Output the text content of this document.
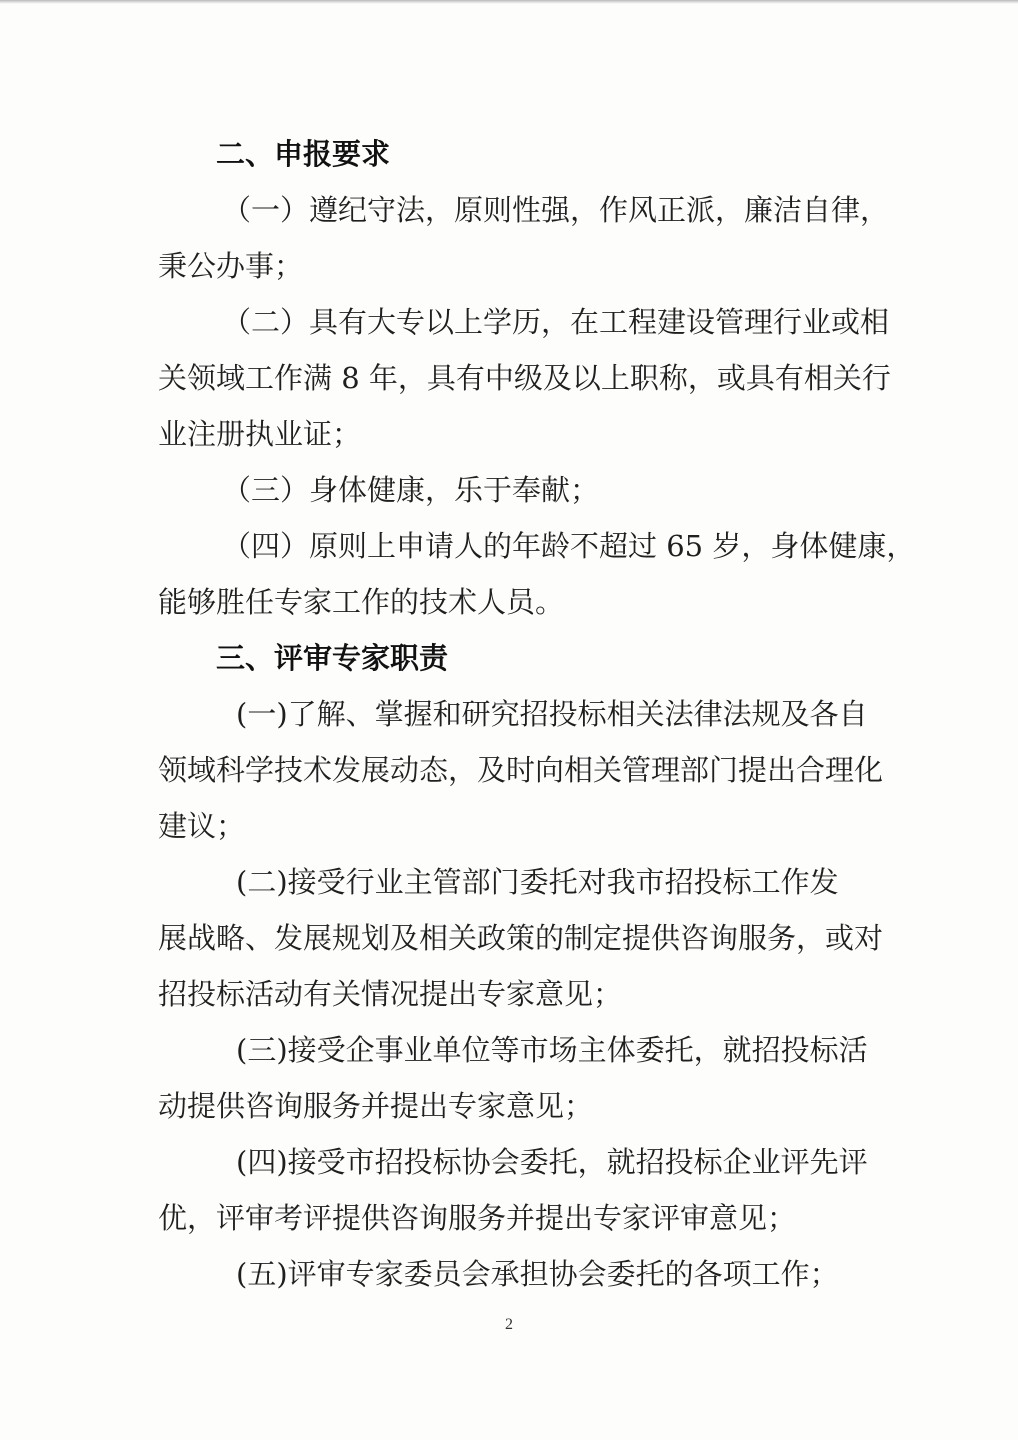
二、申报要求
（一）遵纪守法，原则性强，作风正派，廉洁自律，
秉公办事；
（二）具有大专以上学历，在工程建设管理行业或相
关领域工作满 8 年，具有中级及以上职称，或具有相关行
业注册执业证；
（三）身体健康，乐于奉献；
（四）原则上申请人的年龄不超过 65 岁，身体健康，
能够胜任专家工作的技术人员。
三、评审专家职责
(一)了解、掌握和研究招投标相关法律法规及各自
领域科学技术发展动态，及时向相关管理部门提出合理化
建议；
(二)接受行业主管部门委托对我市招投标工作发
展战略、发展规划及相关政策的制定提供咨询服务，或对
招投标活动有关情况提出专家意见；
(三)接受企事业单位等市场主体委托，就招投标活
动提供咨询服务并提出专家意见；
(四)接受市招投标协会委托，就招投标企业评先评
优，评审考评提供咨询服务并提出专家评审意见；
(五)评审专家委员会承担协会委托的各项工作；
2
